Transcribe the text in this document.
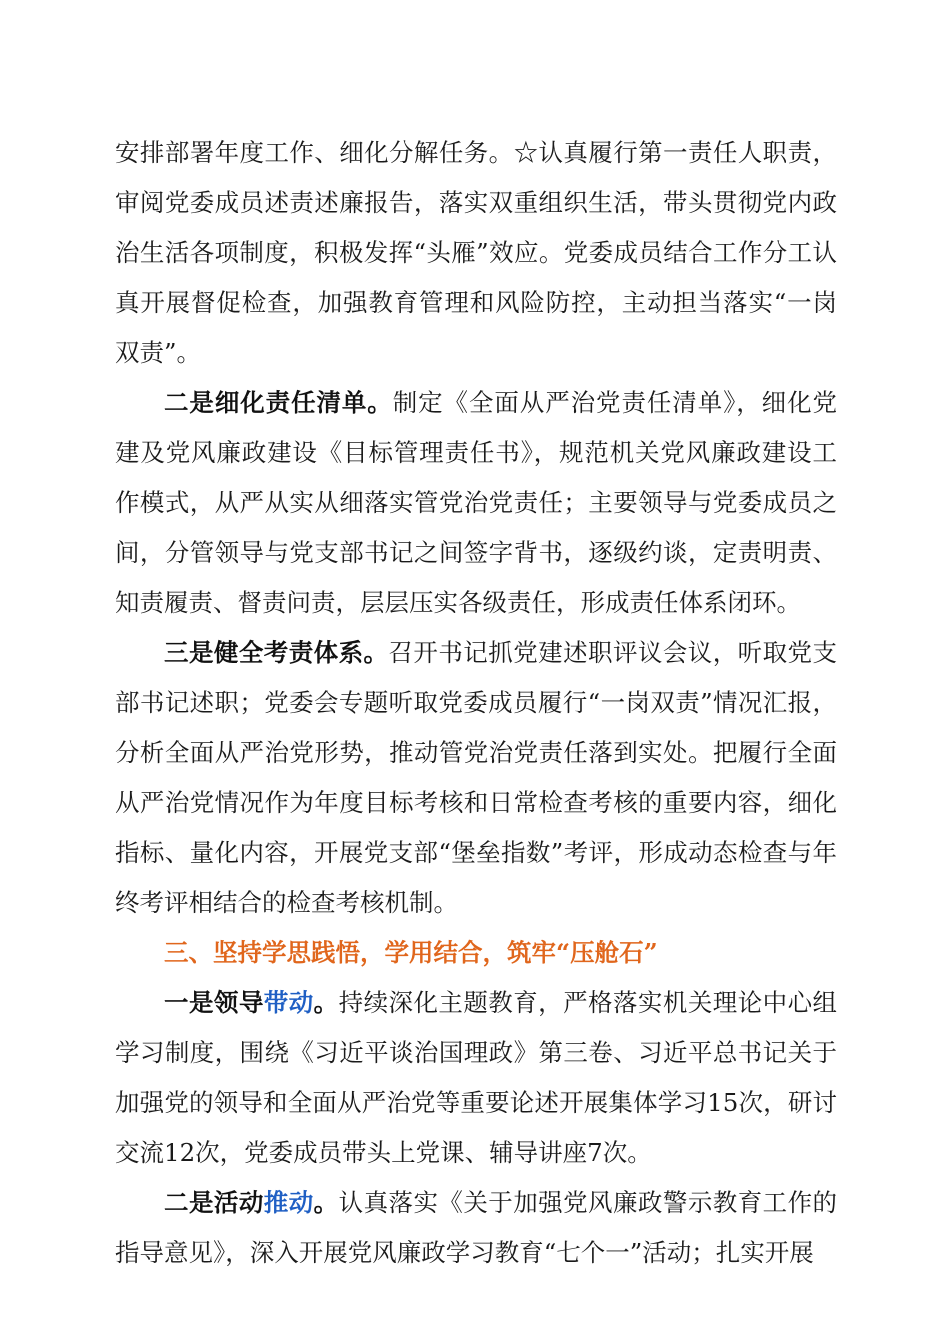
安排部署年度工作、细化分解任务。☆认真履行第一责任人职责，审阅党委成员述责述廉报告，落实双重组织生活，带头贯彻党内政治生活各项制度，积极发挥“头雁”效应。党委成员结合工作分工认真开展督促检查，加强教育管理和风险防控，主动担当落实“一岗双责”。

二是细化责任清单。制定《全面从严治党责任清单》，细化党建及党风廉政建设《目标管理责任书》，规范机关党风廉政建设工作模式，从严从实从细落实管党治党责任；主要领导与党委成员之间，分管领导与党支部书记之间签字背书，逐级约谈，定责明责、知责履责、督责问责，层层压实各级责任，形成责任体系闭环。

三是健全考责体系。召开书记抓党建述职评议会议，听取党支部书记述职；党委会专题听取党委成员履行“一岗双责”情况汇报，分析全面从严治党形势，推动管党治党责任落到实处。把履行全面从严治党情况作为年度目标考核和日常检查考核的重要内容，细化指标、量化内容，开展党支部“堡垒指数”考评，形成动态检查与年终考评相结合的检查考核机制。

三、坚持学思践悟，学用结合，筑牢“压舱石”

一是领导带动。持续深化主题教育，严格落实机关理论中心组学习制度，围绕《习近平谈治国理政》第三卷、习近平总书记关于加强党的领导和全面从严治党等重要论述开展集体学习15次，研讨交流12次，党委成员带头上党课、辅导讲座7次。

二是活动推动。认真落实《关于加强党风廉政警示教育工作的指导意见》，深入开展党风廉政学习教育“七个一”活动；扎实开展
